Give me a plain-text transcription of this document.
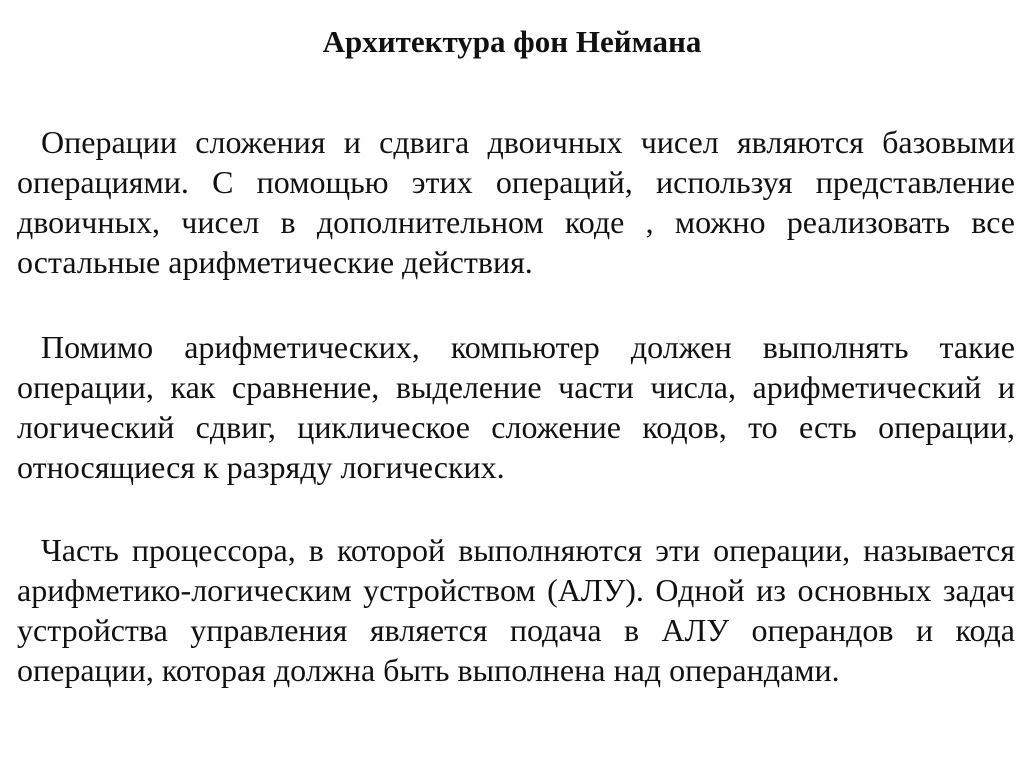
Архитектура фон Неймана

Операции сложения и сдвига двоичных чисел являются базовыми операциями. С помощью этих операций, используя представление двоичных, чисел в дополнительном коде , можно реализовать все остальные арифметические действия.

Помимо арифметических, компьютер должен выполнять такие операции, как сравнение, выделение части числа, арифметический и логический сдвиг, циклическое сложение кодов, то есть операции, относящиеся к разряду логических.

Часть процессора, в которой выполняются эти операции, называется арифметико-логическим устройством (АЛУ). Одной из основных задач устройства управления является подача в АЛУ операндов и кода операции, которая должна быть выполнена над операндами.
